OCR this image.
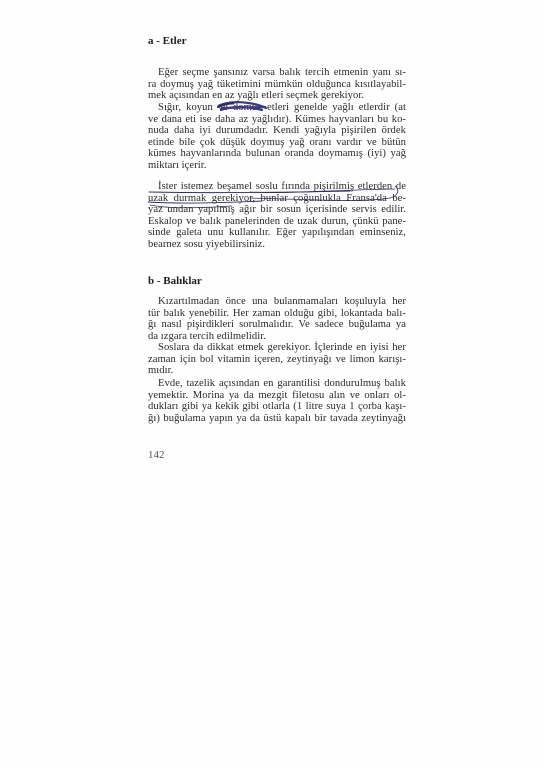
a - Etler
Eğer seçme şansınız varsa balık tercih etmenin yanı sı-
ra doymuş yağ tüketimini mümkün olduğunca kısıtlayabil-
mek açısından en az yağlı etleri seçmek gerekiyor.
Sığır, koyun ve domuz etleri genelde yağlı etlerdir (at
ve dana eti ise daha az yağlıdır). Kümes hayvanları bu ko-
nuda daha iyi durumdadır. Kendi yağıyla pişirilen ördek
etinde bile çok düşük doymuş yağ oranı vardır ve bütün
kümes hayvanlarında bulunan oranda doymamış (iyi) yağ
miktarı içerir.
İster istemez beşamel soslu fırında pişirilmiş etlerden de
uzak durmak gerekiyor, bunlar çoğunlukla Fransa'da be-
yaz undan yapılmış ağır bir sosun içerisinde servis edilir.
Eskalop ve balık panelerinden de uzak durun, çünkü pane-
sinde galeta unu kullanılır. Eğer yapılışından eminseniz,
bearnez sosu yiyebilirsiniz.
b - Balıklar
Kızartılmadan önce una bulanmamaları koşuluyla her
tür balık yenebilir. Her zaman olduğu gibi, lokantada balı-
ğı nasıl pişirdikleri sorulmalıdır. Ve sadece buğulama ya
da ızgara tercih edilmelidir.
Soslara da dikkat etmek gerekiyor. İçlerinde en iyisi her
zaman için bol vitamin içeren, zeytinyağı ve limon karışı-
mıdır.
Evde, tazelik açısından en garantilisi dondurulmuş balık
yemektir. Morina ya da mezgit filetosu alın ve onları ol-
dukları gibi ya kekik gibi otlarla (1 litre suya 1 çorba kaşı-
ğı) buğulama yapın ya da üstü kapalı bir tavada zeytinyağı
142
